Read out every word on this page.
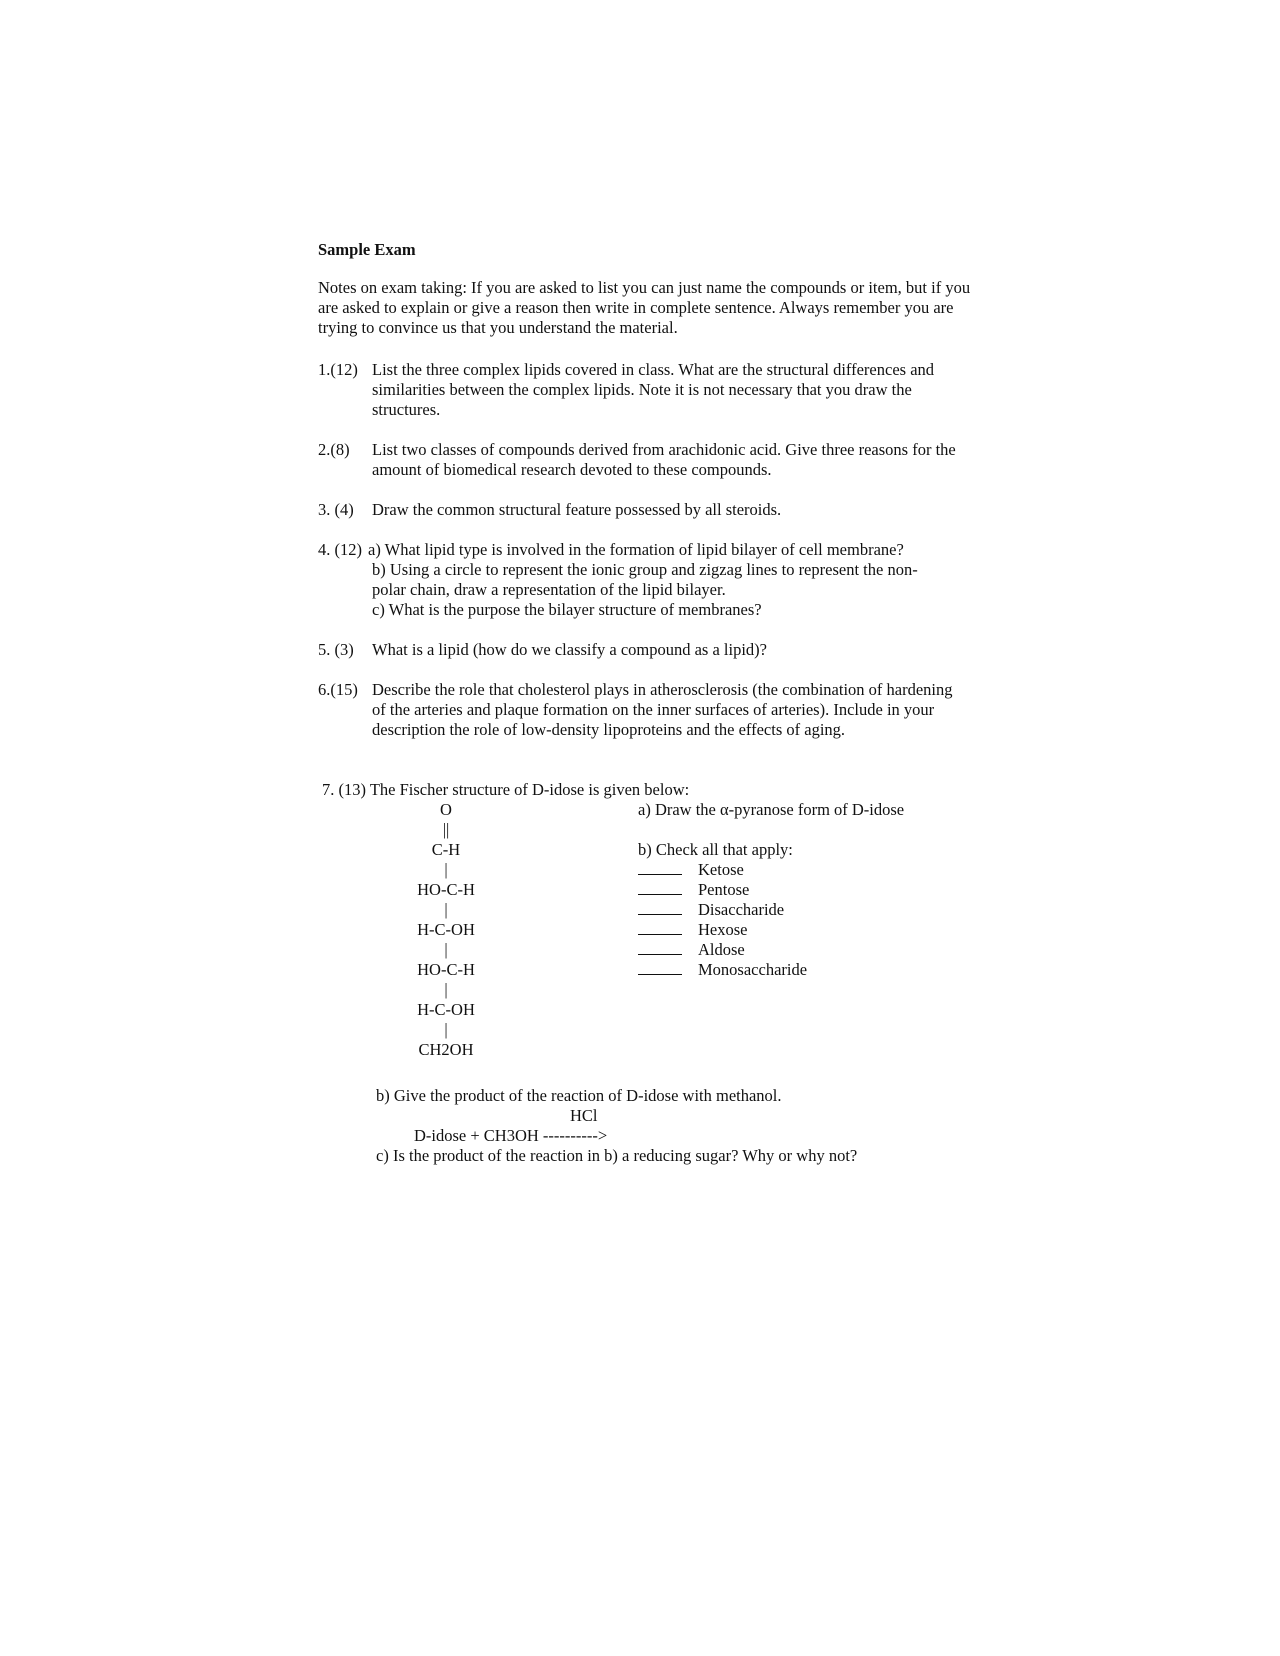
Sample Exam
Notes on exam taking: If you are asked to list you can just name the compounds or item, but if you are asked to explain or give a reason then write in complete sentence. Always remember you are trying to convince us that you understand the material.
1.(12) List the three complex lipids covered in class. What are the structural differences and similarities between the complex lipids. Note it is not necessary that you draw the structures.
2.(8) List two classes of compounds derived from arachidonic acid. Give three reasons for the amount of biomedical research devoted to these compounds.
3. (4) Draw the common structural feature possessed by all steroids.
4. (12) a) What lipid type is involved in the formation of lipid bilayer of cell membrane?
b) Using a circle to represent the ionic group and zigzag lines to represent the non-polar chain, draw a representation of the lipid bilayer.
c) What is the purpose the bilayer structure of membranes?
5. (3) What is a lipid (how do we classify a compound as a lipid)?
6.(15) Describe the role that cholesterol plays in atherosclerosis (the combination of hardening of the arteries and plaque formation on the inner surfaces of arteries). Include in your description the role of low-density lipoproteins and the effects of aging.
7. (13) The Fischer structure of D-idose is given below:
O
||
C-H
|
HO-C-H
|
H-C-OH
|
HO-C-H
|
H-C-OH
|
CH2OH
a) Draw the α-pyranose form of D-idose
b) Check all that apply:
Ketose
Pentose
Disaccharide
Hexose
Aldose
Monosaccharide
b) Give the product of the reaction of D-idose with methanol.
HCl
D-idose + CH3OH ---------->
c) Is the product of the reaction in b) a reducing sugar? Why or why not?
